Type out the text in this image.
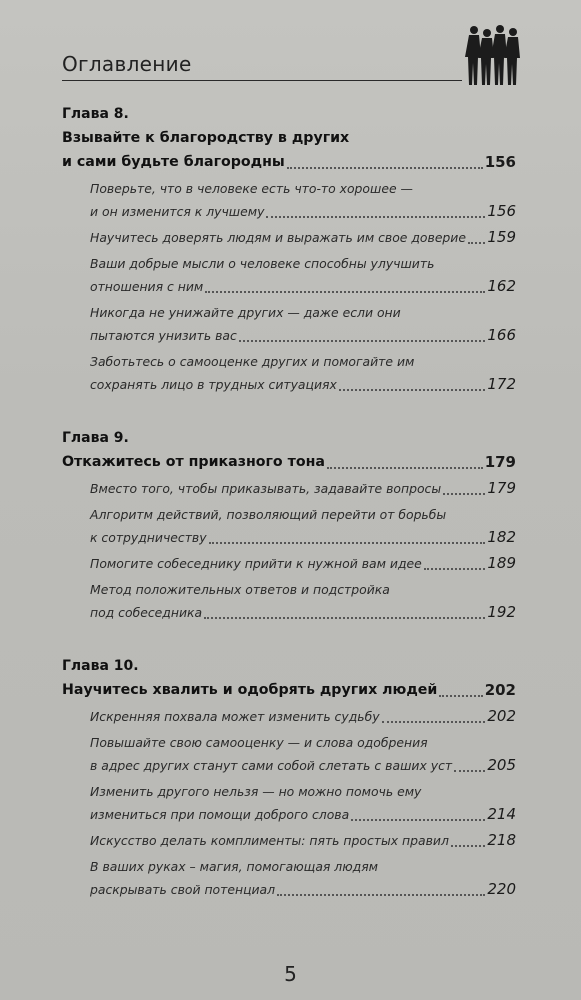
Оглавление
Глава 8.
Взывайте к благородству в других
и сами будьте благородны	156
Поверьте, что в человеке есть что-то хорошее —
и он изменится к лучшему	156
Научитесь доверять людям и выражать им свое доверие 159
Ваши добрые мысли о человеке способны улучшить
отношения с ним	162
Никогда не унижайте других — даже если они
пытаются унизить вас	166
Заботьтесь о самооценке других и помогайте им
сохранять лицо в трудных ситуациях	172
Глава 9.
Откажитесь от приказного тона	179
Вместо того, чтобы приказывать, задавайте вопросы	179
Алгоритм действий, позволяющий перейти от борьбы
к сотрудничеству	182
Помогите собеседнику прийти к нужной вам идее	189
Метод положительных ответов и подстройка
под собеседника	192
Глава 10.
Научитесь хвалить и одобрять других людей	202
Искренняя похвала может изменить судьбу	202
Повышайте свою самооценку — и слова одобрения
в адрес других станут сами собой слетать с ваших уст 205
Изменить другого нельзя — но можно помочь ему
измениться при помощи доброго слова	214
Искусство делать комплименты: пять простых правил	218
В ваших руках – магия, помогающая людям
раскрывать свой потенциал	220
5
